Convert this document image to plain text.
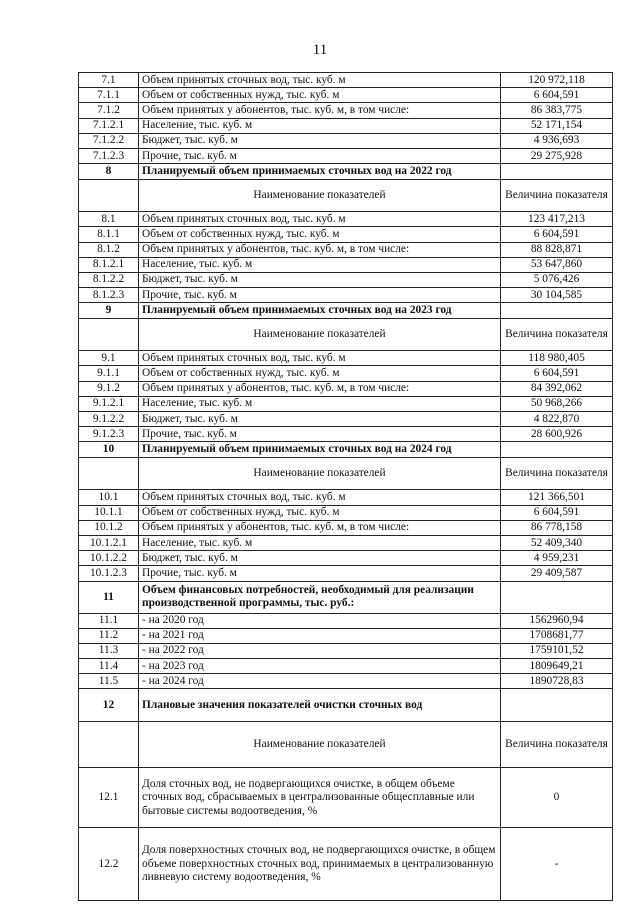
11
7.1	Объем принятых сточных вод, тыс. куб. м	120 972,118
7.1.1	Объем от собственных нужд, тыс. куб. м	6 604,591
7.1.2	Объем принятых у абонентов, тыс. куб. м, в том числе:	86 383,775
7.1.2.1	Население, тыс. куб. м	52 171,154
7.1.2.2	Бюджет, тыс. куб. м	4 936,693
7.1.2.3	Прочие, тыс. куб. м	29 275,928
8	Планируемый объем принимаемых сточных вод на 2022 год	
	Наименование показателей	Величина показателя
8.1	Объем принятых сточных вод, тыс. куб. м	123 417,213
8.1.1	Объем от собственных нужд, тыс. куб. м	6 604,591
8.1.2	Объем принятых у абонентов, тыс. куб. м, в том числе:	88 828,871
8.1.2.1	Население, тыс. куб. м	53 647,860
8.1.2.2	Бюджет, тыс. куб. м	5 076,426
8.1.2.3	Прочие, тыс. куб. м	30 104,585
9	Планируемый объем принимаемых сточных вод на 2023 год	
	Наименование показателей	Величина показателя
9.1	Объем принятых сточных вод, тыс. куб. м	118 980,405
9.1.1	Объем от собственных нужд, тыс. куб. м	6 604,591
9.1.2	Объем принятых у абонентов, тыс. куб. м, в том числе:	84 392,062
9.1.2.1	Население, тыс. куб. м	50 968,266
9.1.2.2	Бюджет, тыс. куб. м	4 822,870
9.1.2.3	Прочие, тыс. куб. м	28 600,926
10	Планируемый объем принимаемых сточных вод на 2024 год	
	Наименование показателей	Величина показателя
10.1	Объем принятых сточных вод, тыс. куб. м	121 366,501
10.1.1	Объем от собственных нужд, тыс. куб. м	6 604,591
10.1.2	Объем принятых у абонентов, тыс. куб. м, в том числе:	86 778,158
10.1.2.1	Население, тыс. куб. м	52 409,340
10.1.2.2	Бюджет, тыс. куб. м	4 959,231
10.1.2.3	Прочие, тыс. куб. м	29 409,587
11	Объем финансовых потребностей, необходимый для реализации производственной программы, тыс. руб.:	
11.1	- на 2020 год	1562960,94
11.2	- на 2021 год	1708681,77
11.3	- на 2022 год	1759101,52
11.4	- на 2023 год	1809649,21
11.5	- на 2024 год	1890728,83
12	Плановые значения показателей очистки сточных вод	
	Наименование показателей	Величина показателя
12.1	Доля сточных вод, не подвергающихся очистке, в общем объеме сточных вод, сбрасываемых в централизованные общесплавные или бытовые системы водоотведения, %	0
12.2	Доля поверхностных сточных вод, не подвергающихся очистке, в общем объеме поверхностных сточных вод, принимаемых в централизованную ливневую систему водоотведения, %	-
